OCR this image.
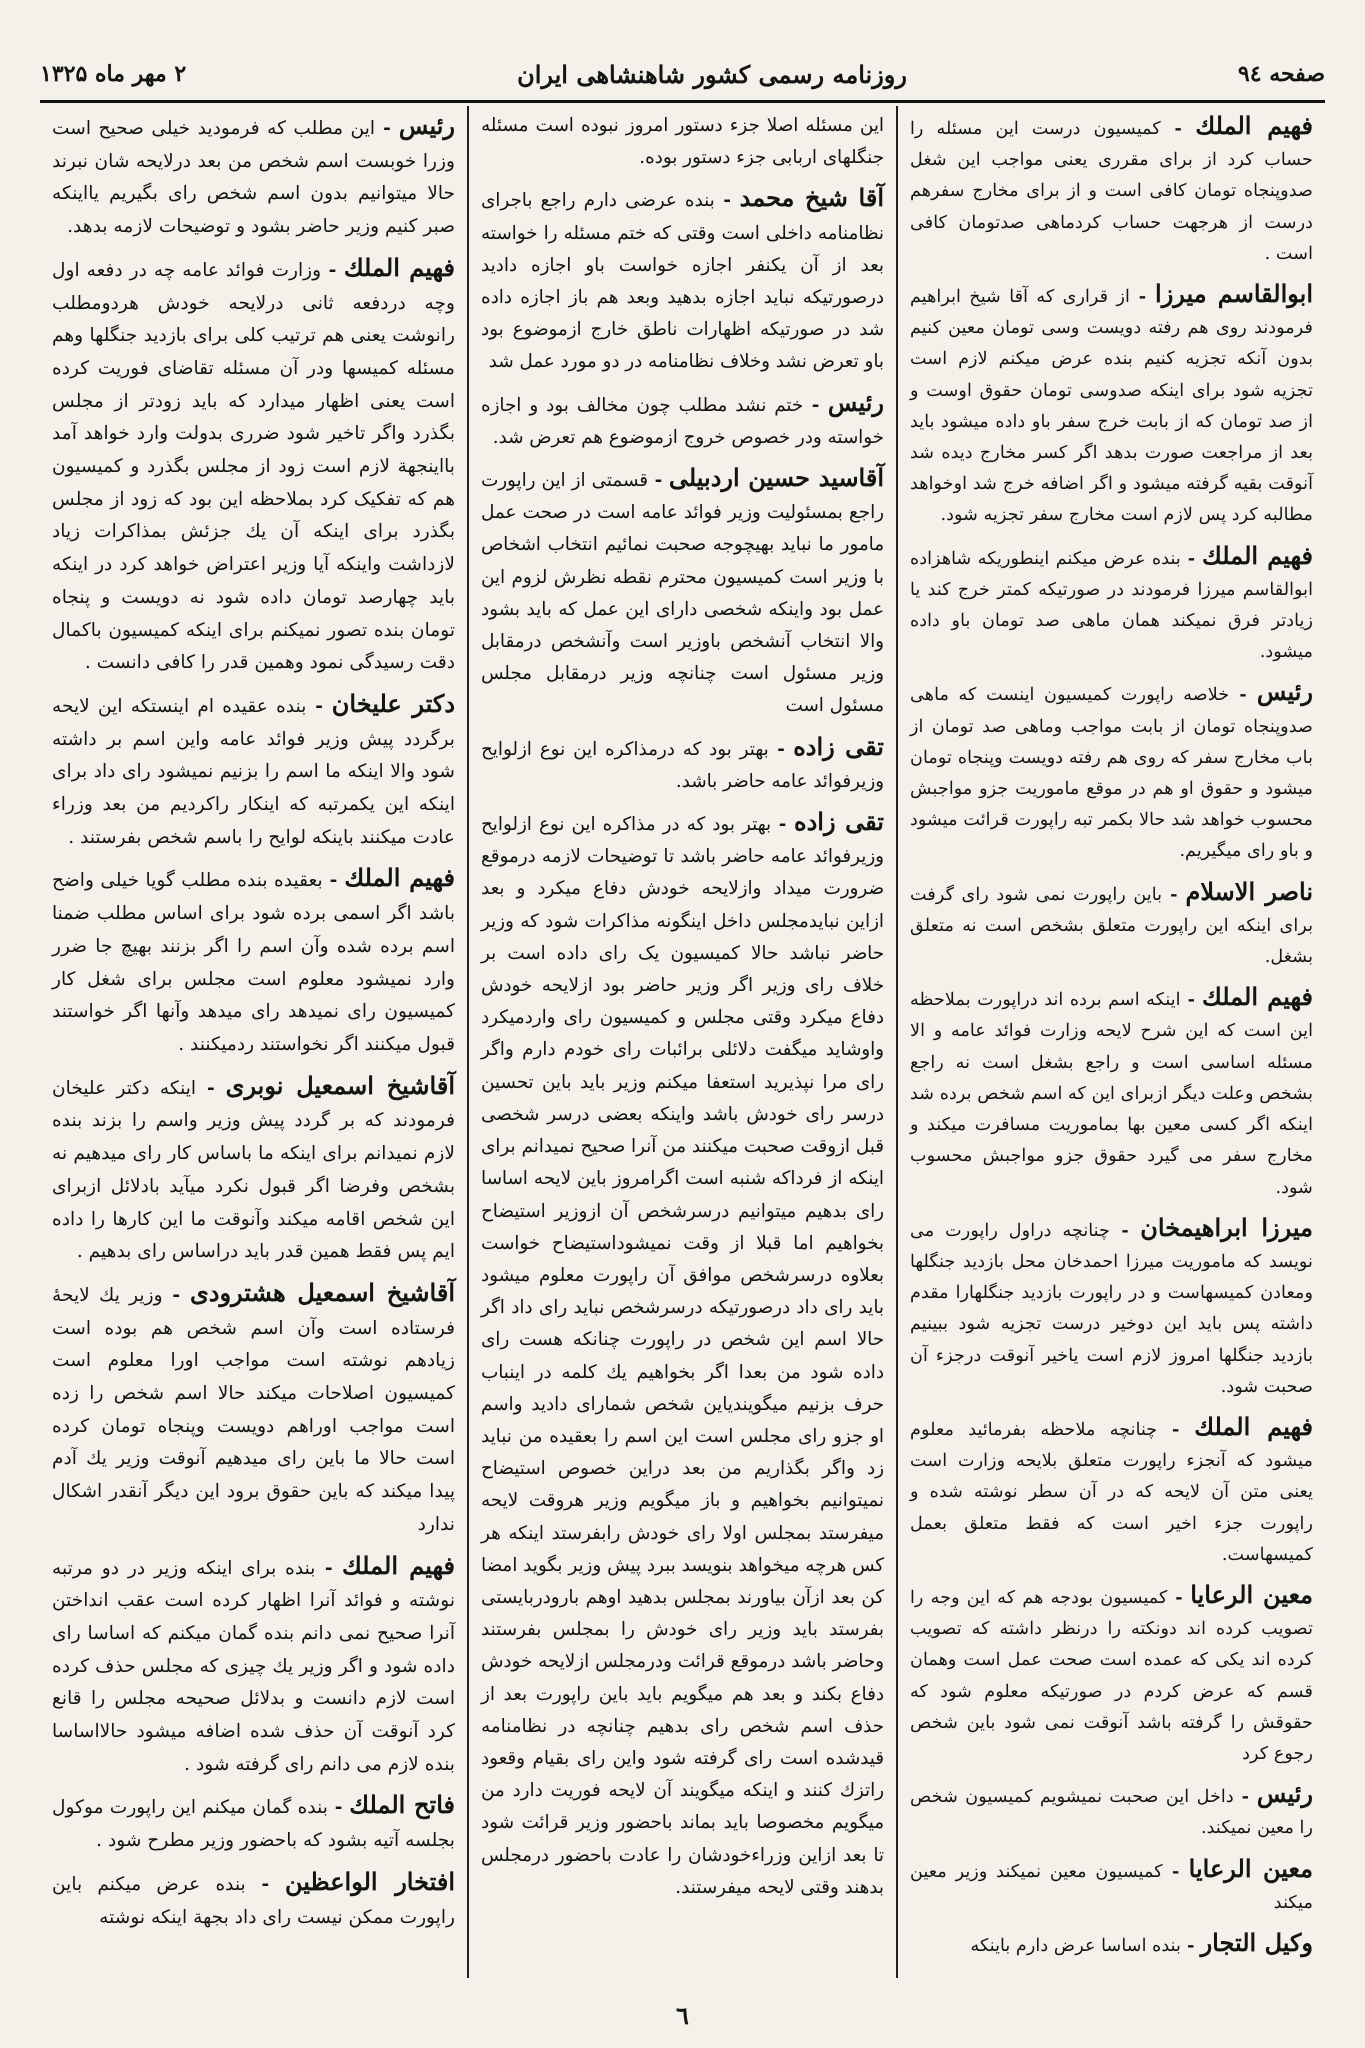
صفحه ۹٤
روزنامه رسمی کشور شاهنشاهی ایران
۲ مهر ماه ۱۳۲۵

فهیم الملك - کمیسیون درست این مسئله را حساب کرد از برای مقرری یعنی مواجب این شغل صدوپنجاه تومان کافی است و از برای مخارج سفرهم درست از هرجهت حساب کردماهی صدتومان کافی است .

ابوالقاسم میرزا - از قراری که آقا شیخ ابراهیم فرمودند روی هم رفته دویست وسی تومان معین کنیم بدون آنکه تجزیه کنیم بنده عرض میکنم لازم است تجزیه شود برای اینکه صدوسی تومان حقوق اوست و از صد تومان که از بابت خرج سفر باو داده میشود باید بعد از مراجعت صورت بدهد اگر کسر مخارج دیده شد آنوقت بقیه گرفته میشود و اگر اضافه خرج شد اوخواهد مطالبه کرد پس لازم است مخارج سفر تجزیه شود.

فهیم الملك - بنده عرض میکنم اینطوریکه شاهزاده ابوالقاسم میرزا فرمودند در صورتیکه کمتر خرج کند یا زیادتر فرق نمیکند همان ماهی صد تومان باو داده میشود.

رئیس - خلاصه راپورت کمیسیون اینست که ماهی صدوپنجاه تومان از بابت مواجب وماهی صد تومان از باب مخارج سفر که روی هم رفته دویست وپنجاه تومان میشود و حقوق او هم در موقع ماموریت جزو مواجبش محسوب خواهد شد حالا بکمر تبه راپورت قرائت میشود و باو رای میگیریم.

ناصر الاسلام - باین راپورت نمی شود رای گرفت برای اینکه این راپورت متعلق بشخص است نه متعلق بشغل.

فهیم الملك - اینکه اسم برده اند دراپورت بملاحظه این است که این شرح لایحه وزارت فوائد عامه و الا مسئله اساسی است و راجع بشغل است نه راجع بشخص وعلت دیگر ازبرای این که اسم شخص برده شد اینکه اگر کسی معین بها بماموریت مسافرت میکند و مخارج سفر می گیرد حقوق جزو مواجبش محسوب شود.

میرزا ابراهیمخان - چنانچه دراول راپورت می نویسد که ماموریت میرزا احمدخان محل بازدید جنگلها ومعادن کمیسهاست و در راپورت بازدید جنگلهارا مقدم داشته پس باید این دوخیر درست تجزیه شود ببینیم بازدید جنگلها امروز لازم است یاخیر آنوقت درجزء آن صحبت شود.

فهیم الملك - چنانچه ملاحظه بفرمائید معلوم میشود که آنجزء راپورت متعلق بلایحه وزارت است یعنی متن آن لایحه که در آن سطر نوشته شده و راپورت جزء اخیر است که فقط متعلق بعمل کمیسهاست.

معین الرعایا - کمیسیون بودجه هم که این وجه را تصویب کرده اند دونکته را درنظر داشته که تصویب کرده اند یکی که عمده است صحت عمل است وهمان قسم که عرض کردم در صورتیکه معلوم شود که حقوقش را گرفته باشد آنوقت نمی شود باین شخص رجوع کرد

رئیس - داخل این صحبت نمیشویم کمیسیون شخص را معین نمیکند.

معین الرعایا - کمیسیون معین نمیکند وزیر معین میکند

وکیل التجار - بنده اساسا عرض دارم باینکه

این مسئله اصلا جزء دستور امروز نبوده است مسئله جنگلهای اربابی جزء دستور بوده.

آقا شیخ محمد - بنده عرضی دارم راجع باجرای نظامنامه داخلی است وقتی که ختم مسئله را خواسته بعد از آن یکنفر اجازه خواست باو اجازه دادید درصورتیکه نباید اجازه بدهید وبعد هم باز اجازه داده شد در صورتیکه اظهارات ناطق خارج ازموضوع بود باو تعرض نشد وخلاف نظامنامه در دو مورد عمل شد

رئیس - ختم نشد مطلب چون مخالف بود و اجازه خواسته ودر خصوص خروج ازموضوع هم تعرض شد.

آقاسید حسین اردبیلی - قسمتی از این راپورت راجع بمسئولیت وزیر فوائد عامه است در صحت عمل مامور ما نباید بهیچوجه صحبت نمائیم انتخاب اشخاص با وزیر است کمیسیون محترم نقطه نظرش لزوم این عمل بود واینکه شخصی دارای این عمل که باید بشود والا انتخاب آنشخص باوزیر است وآنشخص درمقابل وزیر مسئول است چنانچه وزیر درمقابل مجلس مسئول است

تقی زاده - بهتر بود که درمذاکره این نوع ازلوایح وزیرفوائد عامه حاضر باشد.

تقی زاده - بهتر بود که در مذاکره این نوع ازلوایح وزیرفوائد عامه حاضر باشد تا توضیحات لازمه درموقع ضرورت میداد وازلایحه خودش دفاع میکرد و بعد ازاین نبایدمجلس داخل اینگونه مذاکرات شود که وزیر حاضر نباشد حالا کمیسیون یک رای داده است بر خلاف رای وزیر اگر وزیر حاضر بود ازلایحه خودش دفاع میکرد وقتی مجلس و کمیسیون رای واردمیکرد واوشاید میگفت دلائلی برائبات رای خودم دارم واگر رای مرا نپذیرید استعفا میکنم وزیر باید باین تحسین درسر رای خودش باشد واینکه بعضی درسر شخصی قبل ازوقت صحبت میکنند من آنرا صحیح نمیدانم برای اینکه از فرداکه شنبه است اگرامروز باین لایحه اساسا رای بدهیم میتوانیم درسرشخص آن ازوزیر استیضاح بخواهیم اما قبلا از وقت نمیشوداستیضاح خواست بعلاوه درسرشخص موافق آن راپورت معلوم میشود باید رای داد درصورتیکه درسرشخص نباید رای داد اگر حالا اسم این شخص در راپورت چنانکه هست رای داده شود من بعدا اگر بخواهیم یك کلمه در اینباب حرف بزنیم میگویندیاین شخص شمارای دادید واسم او جزو رای مجلس است این اسم را بعقیده من نباید زد واگر بگذاریم من بعد دراین خصوص استیضاح نمیتوانیم بخواهیم و باز میگویم وزیر هروقت لایحه میفرستد بمجلس اولا رای خودش رابفرستد اینکه هر کس هرچه میخواهد بنویسد ببرد پیش وزیر بگوید امضا کن بعد ازآن بیاورند بمجلس بدهید اوهم بارودربایستی بفرستد باید وزیر رای خودش را بمجلس بفرستند وحاضر باشد درموقع قرائت ودرمجلس ازلایحه خودش دفاع بکند و بعد هم میگویم باید باین راپورت بعد از حذف اسم شخص رای بدهیم چنانچه در نظامنامه قیدشده است رای گرفته شود واین رای بقیام وقعود راتزك کنند و اینکه میگویند آن لایحه فوریت دارد من میگویم مخصوصا باید بماند باحضور وزیر قرائت شود تا بعد ازاین وزراءخودشان را عادت باحضور درمجلس بدهند وقتی لایحه میفرستند.

رئیس - این مطلب که فرمودید خیلی صحیح است وزرا خوبست اسم شخص من بعد درلایحه شان نبرند حالا میتوانیم بدون اسم شخص رای بگیریم یااینکه صبر کنیم وزیر حاضر بشود و توضیحات لازمه بدهد.

فهیم الملك - وزارت فوائد عامه چه در دفعه اول وچه دردفعه ثانی درلایحه خودش هردومطلب رانوشت یعنی هم ترتیب کلی برای بازدید جنگلها وهم مسئله کمیسها ودر آن مسئله تقاضای فوریت کرده است یعنی اظهار میدارد که باید زودتر از مجلس بگذرد واگر تاخیر شود ضرری بدولت وارد خواهد آمد بااینجهة لازم است زود از مجلس بگذرد و کمیسیون هم که تفکیک کرد بملاحظه این بود که زود از مجلس بگذرد برای اینکه آن یك جزئش بمذاکرات زیاد لازداشت واینکه آیا وزیر اعتراض خواهد کرد در اینکه باید چهارصد تومان داده شود نه دویست و پنجاه تومان بنده تصور نمیکنم برای اینکه کمیسیون باکمال دقت رسیدگی نمود وهمین قدر را کافی دانست .

دکتر علیخان - بنده عقیده ام اینستکه این لایحه برگردد پیش وزیر فوائد عامه واین اسم بر داشته شود والا اینکه ما اسم را بزنیم نمیشود رای داد برای اینکه این یکمرتبه که اینکار راکردیم من بعد وزراء عادت میکنند باینکه لوایح را باسم شخص بفرستند .

فهیم الملك - بعقیده بنده مطلب گویا خیلی واضح باشد اگر اسمی برده شود برای اساس مطلب ضمنا اسم برده شده وآن اسم را اگر بزنند بهیچ جا ضرر وارد نمیشود معلوم است مجلس برای شغل کار کمیسیون رای نمیدهد رای میدهد وآنها اگر خواستند قبول میکنند اگر نخواستند ردمیکنند .

آقاشیخ اسمعیل نوبری - اینکه دکتر علیخان فرمودند که بر گردد پیش وزیر واسم را بزند بنده لازم نمیدانم برای اینکه ما باساس کار رای میدهیم نه بشخص وفرضا اگر قبول نکرد میآید بادلائل ازبرای این شخص اقامه میکند وآنوقت ما این کارها را داده ایم پس فقط همین قدر باید دراساس رای بدهیم .

آقاشیخ اسمعیل هشترودی - وزیر یك لایحهٔ فرستاده است وآن اسم شخص هم بوده است زیادهم نوشته است مواجب اورا معلوم است کمیسیون اصلاحات میکند حالا اسم شخص را زده است مواجب اوراهم دویست وپنجاه تومان کرده است حالا ما باین رای میدهیم آنوقت وزیر یك آدم پیدا میکند که باین حقوق برود این دیگر آنقدر اشکال ندارد

فهیم الملك - بنده برای اینکه وزیر در دو مرتبه نوشته و فوائد آنرا اظهار کرده است عقب انداختن آنرا صحیح نمی دانم بنده گمان میکنم که اساسا رای داده شود و اگر وزیر یك چیزی که مجلس حذف کرده است لازم دانست و بدلائل صحیحه مجلس را قانع کرد آنوقت آن حذف شده اضافه میشود حالااساسا بنده لازم می دانم رای گرفته شود .

فاتح الملك - بنده گمان میکنم این راپورت موکول بجلسه آتیه بشود که باحضور وزیر مطرح شود .

افتخار الواعظین - بنده عرض میکنم باین راپورت ممکن نیست رای داد بجهة اینکه نوشته

٦
